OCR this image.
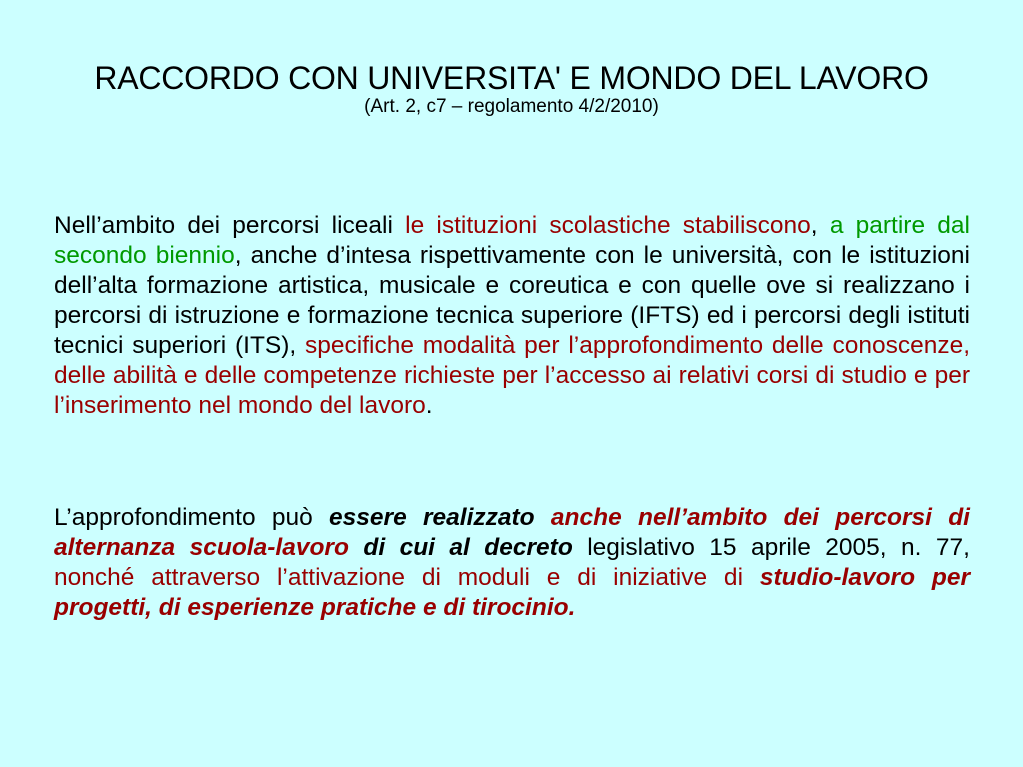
RACCORDO CON UNIVERSITA' E MONDO DEL LAVORO
(Art. 2, c7 – regolamento 4/2/2010)

Nell’ambito dei percorsi liceali le istituzioni scolastiche stabiliscono, a partire dal secondo biennio, anche d’intesa rispettivamente con le università, con le istituzioni dell’alta formazione artistica, musicale e coreutica e con quelle ove si realizzano i percorsi di istruzione e formazione tecnica superiore (IFTS) ed i percorsi degli istituti tecnici superiori (ITS), specifiche modalità per l’approfondimento delle conoscenze, delle abilità e delle competenze richieste per l’accesso ai relativi corsi di studio e per l’inserimento nel mondo del lavoro.

L’approfondimento può essere realizzato anche nell’ambito dei percorsi di alternanza scuola-lavoro di cui al decreto legislativo 15 aprile 2005, n. 77, nonché attraverso l’attivazione di moduli e di iniziative di studio-lavoro per progetti, di esperienze pratiche e di tirocinio.
